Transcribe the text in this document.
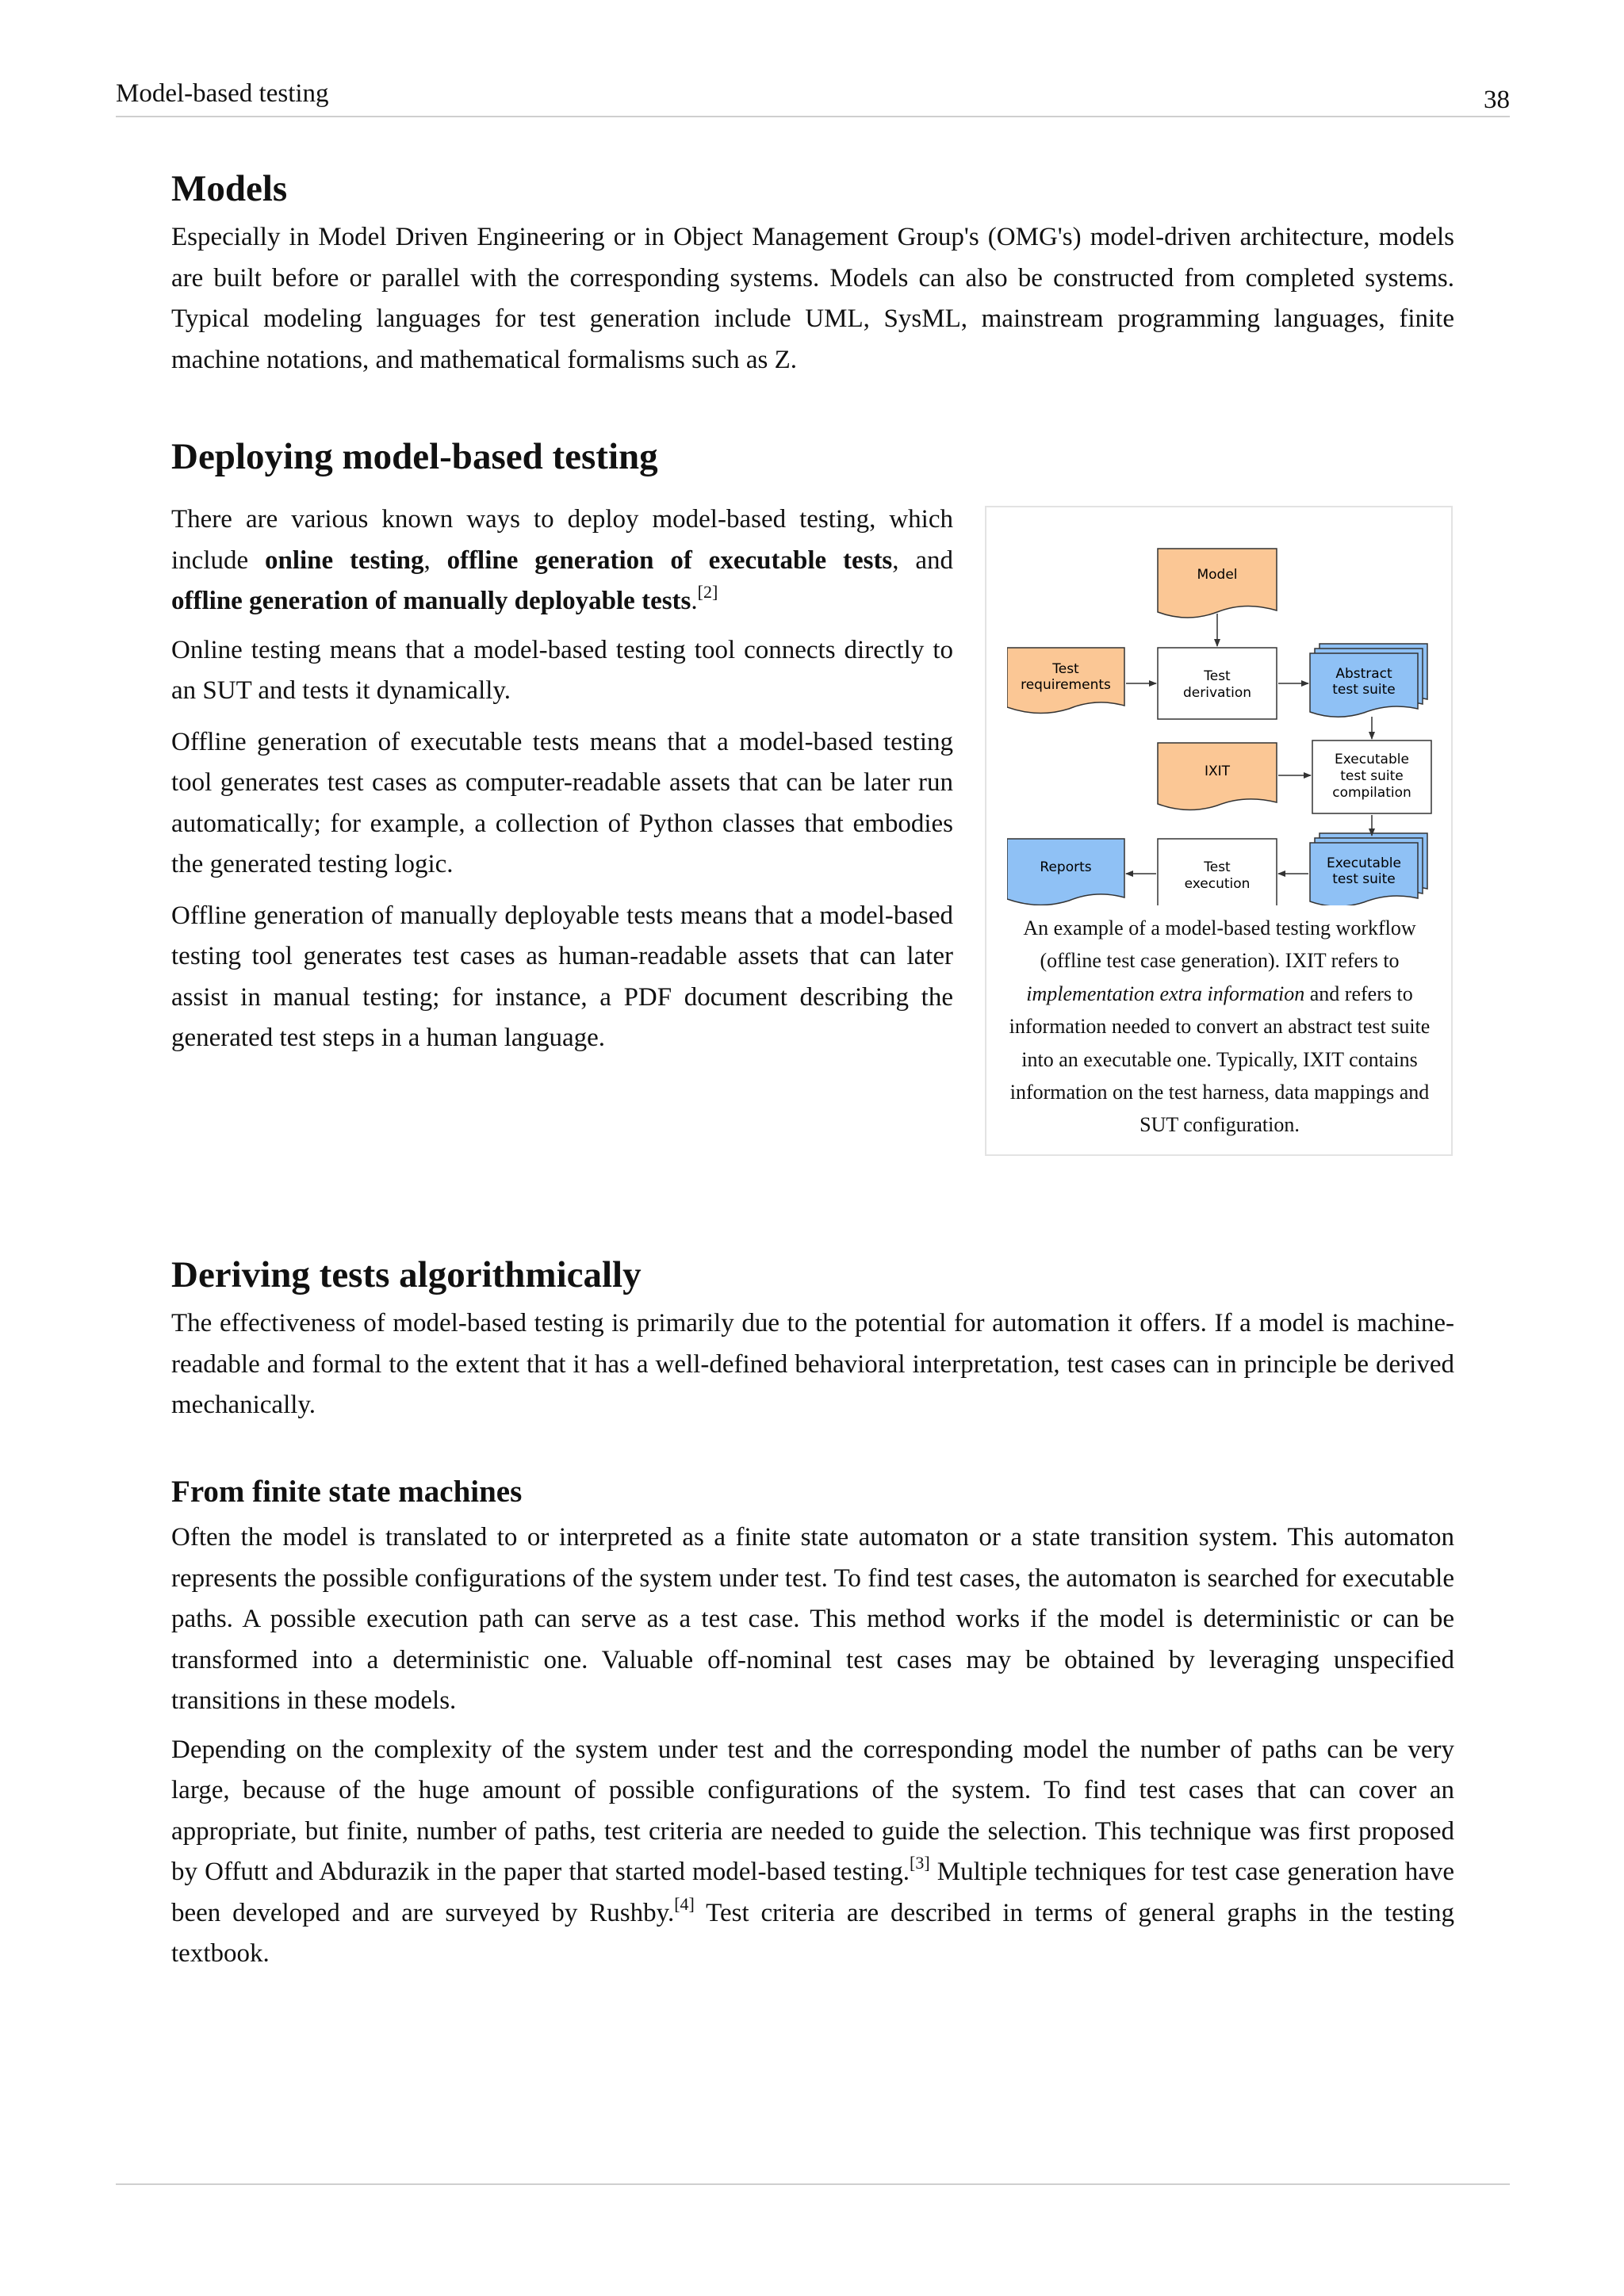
Model-based testing	38
Models

Especially in Model Driven Engineering or in Object Management Group's (OMG's) model-driven architecture, models are built before or parallel with the corresponding systems. Models can also be constructed from completed systems. Typical modeling languages for test generation include UML, SysML, mainstream programming languages, finite machine notations, and mathematical formalisms such as Z.

Deploying model-based testing

There are various known ways to deploy model-based testing, which include online testing, offline generation of executable tests, and offline generation of manually deployable tests.[2]

Online testing means that a model-based testing tool connects directly to an SUT and tests it dynamically.

Offline generation of executable tests means that a model-based testing tool generates test cases as computer-readable assets that can be later run automatically; for example, a collection of Python classes that embodies the generated testing logic.

Offline generation of manually deployable tests means that a model-based testing tool generates test cases as human-readable assets that can later assist in manual testing; for instance, a PDF document describing the generated test steps in a human language.

Model
Test
requirements
Test
derivation
Abstract
test suite
IXIT
Executable
test suite
compilation
Reports	Test
execution
Executable
test suite
An example of a model-based testing workflow (offline test case generation). IXIT refers to implementation extra information and refers to information needed to convert an abstract test suite into an executable one. Typically, IXIT contains information on the test harness, data mappings and SUT configuration.
Deriving tests algorithmically

The effectiveness of model-based testing is primarily due to the potential for automation it offers. If a model is machine-readable and formal to the extent that it has a well-defined behavioral interpretation, test cases can in principle be derived mechanically.

From finite state machines

Often the model is translated to or interpreted as a finite state automaton or a state transition system. This automaton represents the possible configurations of the system under test. To find test cases, the automaton is searched for executable paths. A possible execution path can serve as a test case. This method works if the model is deterministic or can be transformed into a deterministic one. Valuable off-nominal test cases may be obtained by leveraging unspecified transitions in these models.

Depending on the complexity of the system under test and the corresponding model the number of paths can be very large, because of the huge amount of possible configurations of the system. To find test cases that can cover an appropriate, but finite, number of paths, test criteria are needed to guide the selection. This technique was first proposed by Offutt and Abdurazik in the paper that started model-based testing.[3] Multiple techniques for test case generation have been developed and are surveyed by Rushby.[4] Test criteria are described in terms of general graphs in the testing textbook.
